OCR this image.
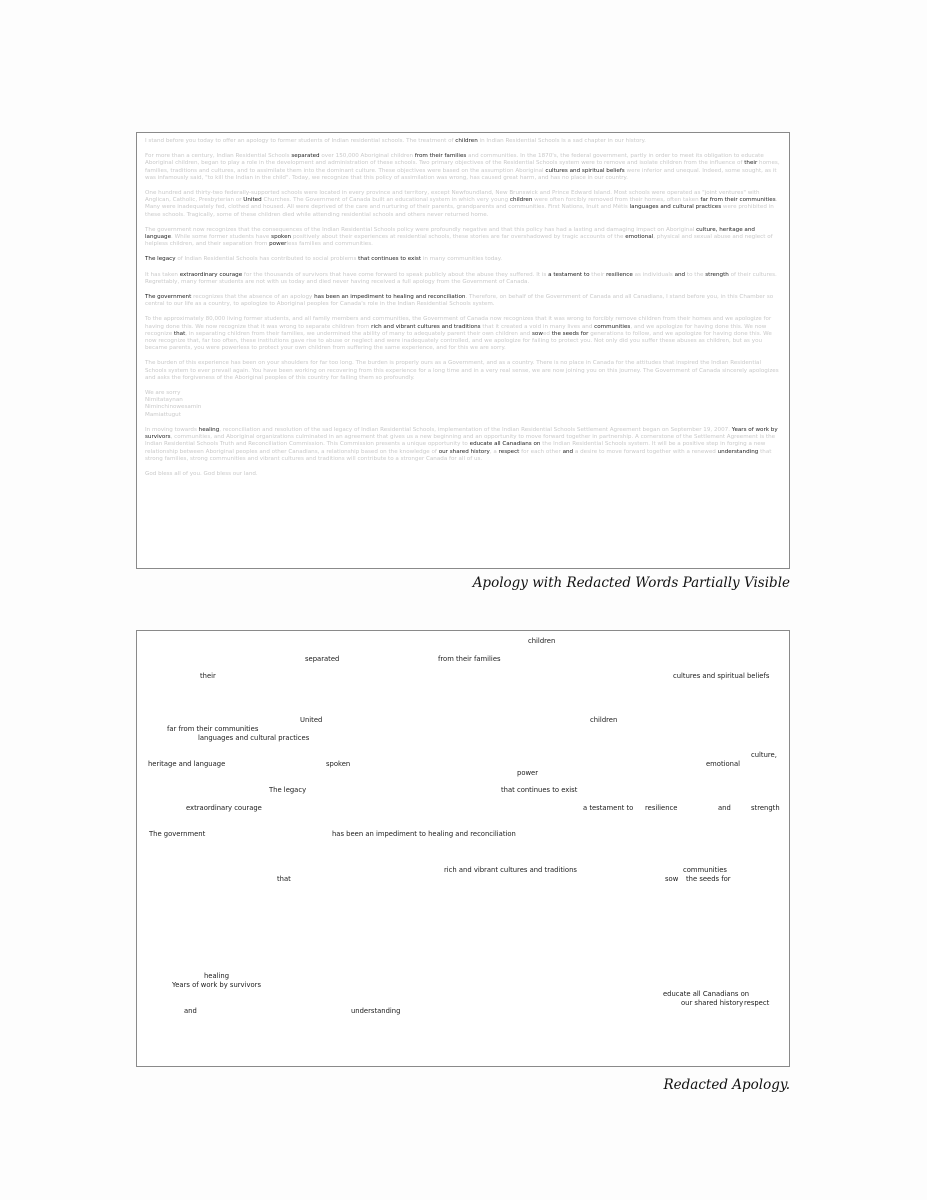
I stand before you today to offer an apology to former students of Indian residential schools. The treatment of children in Indian Residential Schools is a sad chapter in our history.

For more than a century, Indian Residential Schools separated over 150,000 Aboriginal children from their families and communities. In the 1870's, the federal government, partly in order to meet its obligation to educate Aboriginal children, began to play a role in the development and administration of these schools. Two primary objectives of the Residential Schools system were to remove and isolate children from the influence of their homes, families, traditions and cultures, and to assimilate them into the dominant culture. These objectives were based on the assumption Aboriginal cultures and spiritual beliefs were inferior and unequal. Indeed, some sought, as it was infamously said, "to kill the Indian in the child". Today, we recognize that this policy of assimilation was wrong, has caused great harm, and has no place in our country.

One hundred and thirty-two federally-supported schools were located in every province and territory, except Newfoundland, New Brunswick and Prince Edward Island. Most schools were operated as "joint ventures" with Anglican, Catholic, Presbyterian or United Churches. The Government of Canada built an educational system in which very young children were often forcibly removed from their homes, often taken far from their communities. Many were inadequately fed, clothed and housed. All were deprived of the care and nurturing of their parents, grandparents and communities. First Nations, Inuit and Métis languages and cultural practices were prohibited in these schools. Tragically, some of these children died while attending residential schools and others never returned home.

The government now recognizes that the consequences of the Indian Residential Schools policy were profoundly negative and that this policy has had a lasting and damaging impact on Aboriginal culture, heritage and language. While some former students have spoken positively about their experiences at residential schools, these stories are far overshadowed by tragic accounts of the emotional, physical and sexual abuse and neglect of helpless children, and their separation from powerless families and communities.

The legacy of Indian Residential Schools has contributed to social problems that continues to exist in many communities today.

It has taken extraordinary courage for the thousands of survivors that have come forward to speak publicly about the abuse they suffered. It is a testament to their resilience as individuals and to the strength of their cultures. Regrettably, many former students are not with us today and died never having received a full apology from the Government of Canada.

The government recognizes that the absence of an apology has been an impediment to healing and reconciliation. Therefore, on behalf of the Government of Canada and all Canadians, I stand before you, in this Chamber so central to our life as a country, to apologize to Aboriginal peoples for Canada's role in the Indian Residential Schools system.

To the approximately 80,000 living former students, and all family members and communities, the Government of Canada now recognizes that it was wrong to forcibly remove children from their homes and we apologize for having done this. We now recognize that it was wrong to separate children from rich and vibrant cultures and traditions that it created a void in many lives and communities, and we apologize for having done this. We now recognize that, in separating children from their families, we undermined the ability of many to adequately parent their own children and sowed the seeds for generations to follow, and we apologize for having done this. We now recognize that, far too often, these institutions gave rise to abuse or neglect and were inadequately controlled, and we apologize for failing to protect you. Not only did you suffer these abuses as children, but as you became parents, you were powerless to protect your own children from suffering the same experience, and for this we are sorry.

The burden of this experience has been on your shoulders for far too long. The burden is properly ours as a Government, and as a country. There is no place in Canada for the attitudes that inspired the Indian Residential Schools system to ever prevail again. You have been working on recovering from this experience for a long time and in a very real sense, we are now joining you on this journey. The Government of Canada sincerely apologizes and asks the forgiveness of the Aboriginal peoples of this country for failing them so profoundly.

We are sorry

Nimitataynan

Niminchinowesamin

Mamiattugut

In moving towards healing, reconciliation and resolution of the sad legacy of Indian Residential Schools, implementation of the Indian Residential Schools Settlement Agreement began on September 19, 2007. Years of work by survivors, communities, and Aboriginal organizations culminated in an agreement that gives us a new beginning and an opportunity to move forward together in partnership. A cornerstone of the Settlement Agreement is the Indian Residential Schools Truth and Reconciliation Commission. This Commission presents a unique opportunity to educate all Canadians on the Indian Residential Schools system. It will be a positive step in forging a new relationship between Aboriginal peoples and other Canadians, a relationship based on the knowledge of our shared history, a respect for each other and a desire to move forward together with a renewed understanding that strong families, strong communities and vibrant cultures and traditions will contribute to a stronger Canada for all of us.

God bless all of you. God bless our land.

Apology with Redacted Words Partially Visible
children
separated	from their families
their	cultures and spiritual beliefs
United	children
far from their communities
languages and cultural practices
culture,
heritage and language	spoken	emotional
power
The legacy	that continues to exist
extraordinary courage	a testament to resilience	and	strength
The government	has been an impediment to healing and reconciliation
rich and vibrant cultures and traditions	communities
that	sow the seeds for
healing
Years of work by survivors
educate all Canadians on
our shared history respect
and	understanding
Redacted Apology.
